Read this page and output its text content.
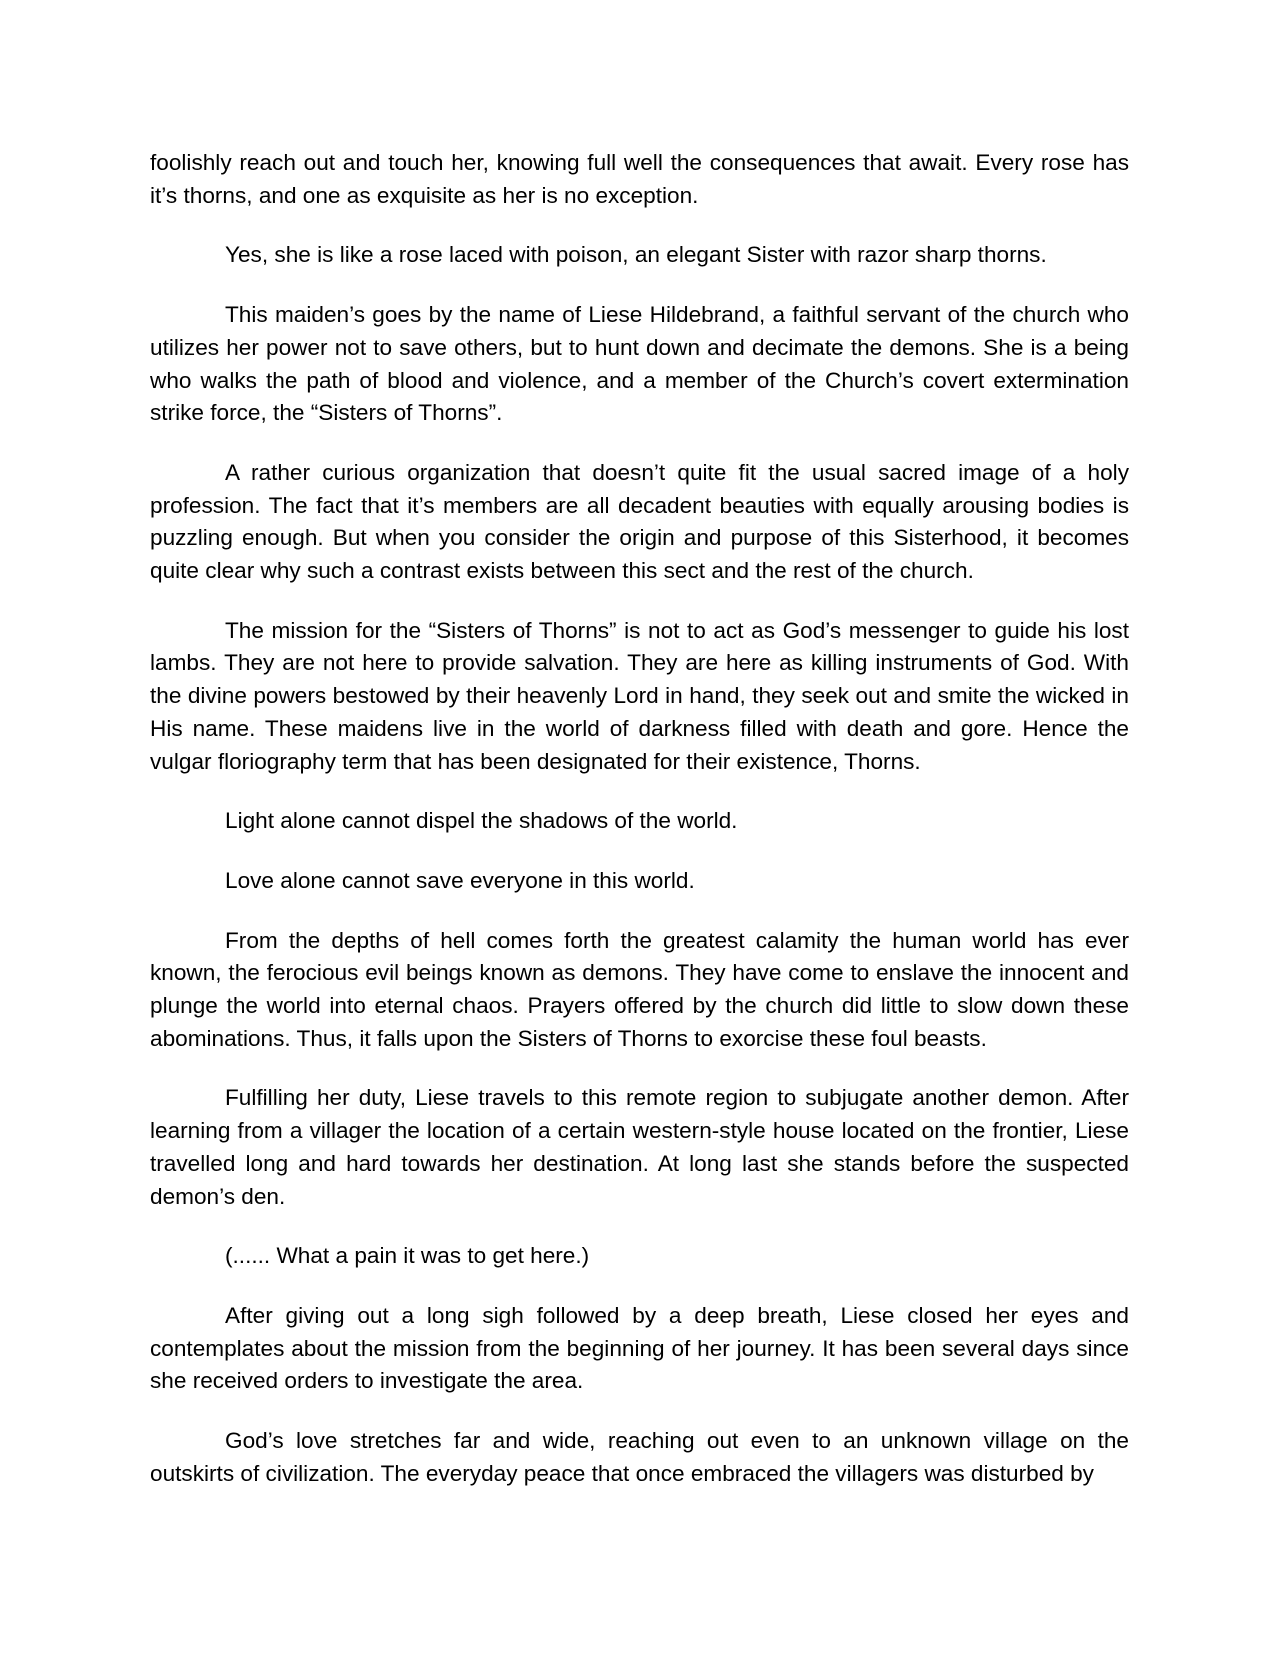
foolishly reach out and touch her, knowing full well the consequences that await. Every rose has it’s thorns, and one as exquisite as her is no exception.

Yes, she is like a rose laced with poison, an elegant Sister with razor sharp thorns.

This maiden’s goes by the name of Liese Hildebrand, a faithful servant of the church who utilizes her power not to save others, but to hunt down and decimate the demons. She is a being who walks the path of blood and violence, and a member of the Church’s covert extermination strike force, the “Sisters of Thorns”.

A rather curious organization that doesn’t quite fit the usual sacred image of a holy profession. The fact that it’s members are all decadent beauties with equally arousing bodies is puzzling enough. But when you consider the origin and purpose of this Sisterhood, it becomes quite clear why such a contrast exists between this sect and the rest of the church.

The mission for the “Sisters of Thorns” is not to act as God’s messenger to guide his lost lambs. They are not here to provide salvation. They are here as killing instruments of God. With the divine powers bestowed by their heavenly Lord in hand, they seek out and smite the wicked in His name. These maidens live in the world of darkness filled with death and gore. Hence the vulgar floriography term that has been designated for their existence, Thorns.

Light alone cannot dispel the shadows of the world.

Love alone cannot save everyone in this world.

From the depths of hell comes forth the greatest calamity the human world has ever known, the ferocious evil beings known as demons. They have come to enslave the innocent and plunge the world into eternal chaos. Prayers offered by the church did little to slow down these abominations. Thus, it falls upon the Sisters of Thorns to exorcise these foul beasts.

Fulfilling her duty, Liese travels to this remote region to subjugate another demon. After learning from a villager the location of a certain western-style house located on the frontier, Liese travelled long and hard towards her destination. At long last she stands before the suspected demon’s den.

(...... What a pain it was to get here.)

After giving out a long sigh followed by a deep breath, Liese closed her eyes and contemplates about the mission from the beginning of her journey. It has been several days since she received orders to investigate the area.

God’s love stretches far and wide, reaching out even to an unknown village on the outskirts of civilization. The everyday peace that once embraced the villagers was disturbed by
